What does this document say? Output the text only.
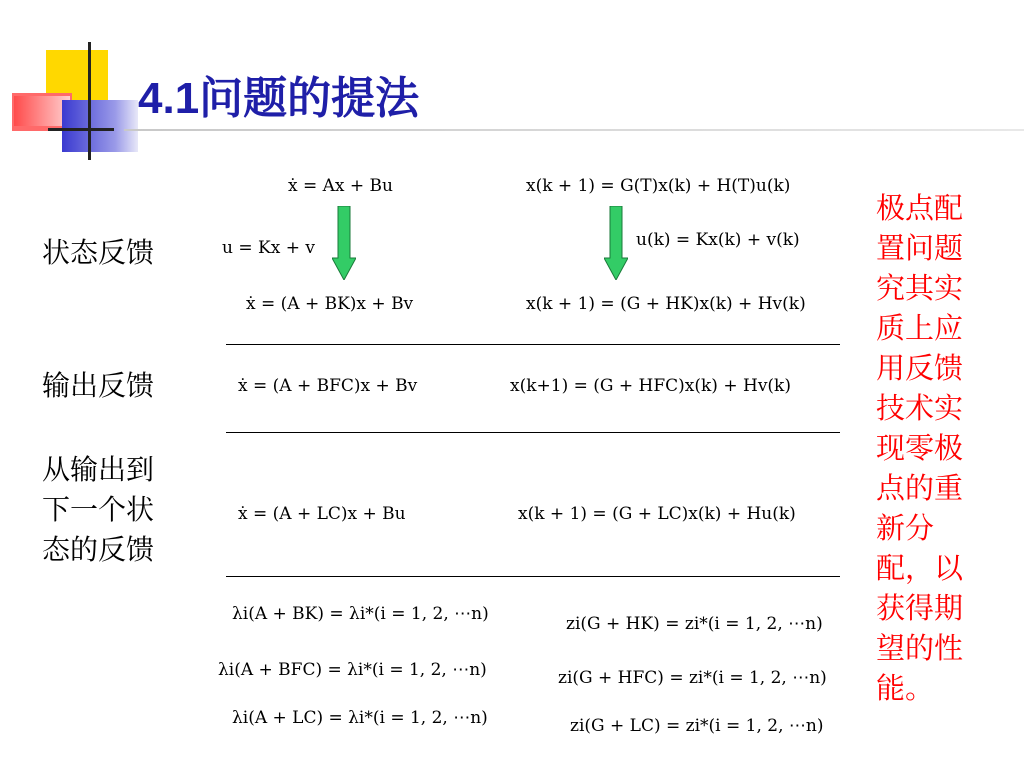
4.1问题的提法
状态反馈
输出反馈
从输出到
下一个状
态的反馈
ẋ = Ax + Bu	x(k + 1) = G(T)x(k) + H(T)u(k)
u = Kx + v	u(k) = Kx(k) + v(k)
ẋ = (A + BK)x + Bv	x(k + 1) = (G + HK)x(k) + Hv(k)
ẋ = (A + BFC)x + Bv	x(k+1) = (G + HFC)x(k) + Hv(k)
ẋ = (A + LC)x + Bu	x(k + 1) = (G + LC)x(k) + Hu(k)
λi(A + BK) = λi*(i = 1, 2, ⋯n)	zi(G + HK) = zi*(i = 1, 2, ⋯n)
λi(A + BFC) = λi*(i = 1, 2, ⋯n)	zi(G + HFC) = zi*(i = 1, 2, ⋯n)
λi(A + LC) = λi*(i = 1, 2, ⋯n)	zi(G + LC) = zi*(i = 1, 2, ⋯n)
极点配置问题究其实质上应用反馈技术实现零极点的重新分配，以获得期望的性能。
